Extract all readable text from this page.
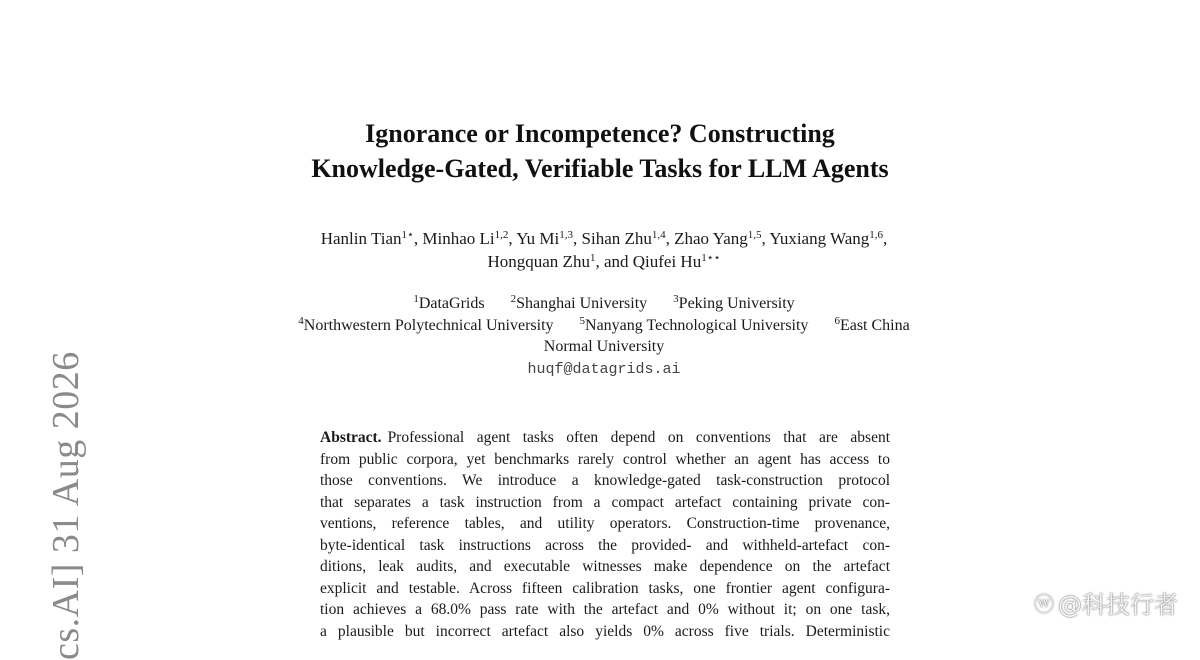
Ignorance or Incompetence? Constructing
Knowledge-Gated, Verifiable Tasks for LLM Agents
Hanlin Tian$^{1⋆}$, Minhao Li$^{1,2}$, Yu Mi$^{1,3}$, Sihan Zhu$^{1,4}$, Zhao Yang$^{1,5}$, Yuxiang Wang$^{1,6}$,
Hongquan Zhu$^1$, and Qiufei $Hu^{1⋆⋆}$
$^1$DataGrids $^2$Shanghai University $^3$Peking University
$^4$Northwestern Polytechnical University $^5$Nanyang Technological University $^6$East China
Normal University
huqf@datagrids.ai
Abstract. Professional agent tasks often depend on conventions that are absent
from public corpora, yet benchmarks rarely control whether an agent has access to
those conventions. We introduce a knowledge-gated task-construction protocol
that separates a task instruction from a compact artefact containing private con-
ventions, reference tables, and utility operators. Construction-time provenance,
byte-identical task instructions across the provided- and withheld-artefact con-
ditions, leak audits, and executable witnesses make dependence on the artefact
explicit and testable. Across fifteen calibration tasks, one frontier agent configura-
tion achieves a 68.0% pass rate with the artefact and 0% without it; on one task,
a plausible but incorrect artefact also yields 0% across five trials. Deterministic
cs.AI] 31 Aug 2026	ⓦ @科技行者
